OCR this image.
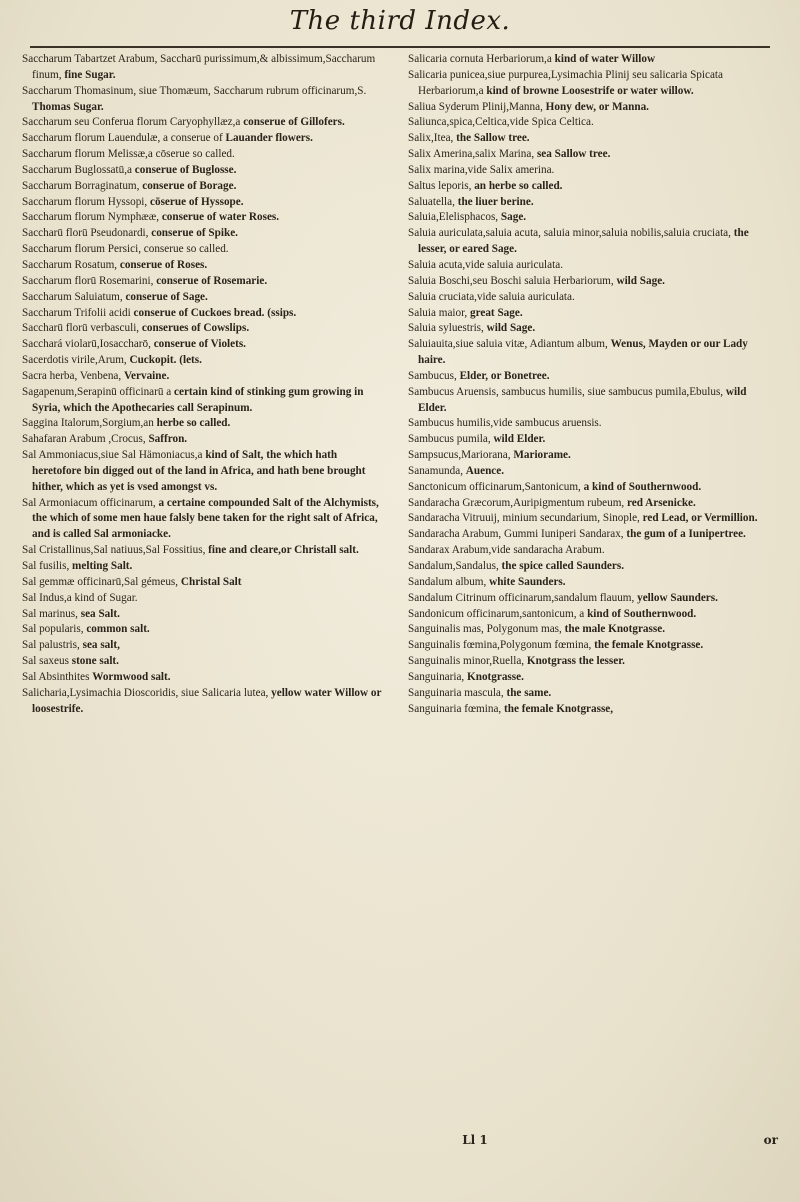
The third Index.

Saccharum Tabartzet Arabum, Saccharū purissimum,& albissimum,Saccharum finum, fine Sugar.

Saccharum Thomasinum, siue Thomæum, Saccharum rubrum officinarum,S. Thomas Sugar.

Saccharum seu Conferua florum Caryophyllæz,a conserue of Gillofers.

Saccharum florum Lauendulæ, a conserue of Lauander flowers.

Saccharum florum Melissæ,a cōserue so called.

Saccharum Buglossatū,a conserue of Buglosse.

Saccharum Borraginatum, conserue of Borage.

Saccharum florum Hyssopi, cōserue of Hyssope.

Saccharum florum Nymphææ, conserue of water Roses.

Saccharū florū Pseudonardi, conserue of Spike.

Saccharum florum Persici, conserue so called.

Saccharum Rosatum, conserue of Roses.

Saccharum florū Rosemarini, conserue of Rosemarie.

Saccharum Saluiatum, conserue of Sage.

Saccharum Trifolii acidi conserue of Cuckoes bread. (ssips.

Saccharū florū verbasculi, conserues of Cowslips.

Sacchará violarū,Iosaccharō, conserue of Violets.

Sacerdotis virile,Arum, Cuckopit. (lets.

Sacra herba, Venbena, Vervaine.

Sagapenum,Serapinū officinarū a certain kind of stinking gum growing in Syria, which the Apothecaries call Serapinum.

Saggina Italorum,Sorgium,an herbe so called.

Sahafaran Arabum ,Crocus, Saffron.

Sal Ammoniacus,siue Sal Hämoniacus,a kind of Salt, the which hath heretofore bin digged out of the land in Africa, and hath bene brought hither, which as yet is vsed amongst vs.

Sal Armoniacum officinarum, a certaine compounded Salt of the Alchymists, the which of some men haue falsly bene taken for the right salt of Africa, and is called Sal armoniacke.

Sal Cristallinus,Sal natiuus,Sal Fossitius, fine and cleare,or Christall salt.

Sal fusilis, melting Salt.

Sal gemmæ officinarū,Sal gémeus, Christal Salt

Sal Indus,a kind of Sugar.

Sal marinus, sea Salt.

Sal popularis, common salt.

Sal palustris, sea salt,

Sal saxeus stone salt.

Sal Absinthites Wormwood salt.

Salicharia,Lysimachia Dioscoridis, siue Salicaria lutea, yellow water Willow or loosestrife.

Salicaria cornuta Herbariorum,a kind of water Willow

Salicaria punicea,siue purpurea,Lysimachia Plinij seu salicaria Spicata Herbariorum,a kind of browne Loosestrife or water willow.

Saliua Syderum Plinij,Manna, Hony dew, or Manna.

Saliunca,spica,Celtica,vide Spica Celtica.

Salix,Itea, the Sallow tree.

Salix Amerina,salix Marina, sea Sallow tree.

Salix marina,vide Salix amerina.

Saltus leporis, an herbe so called.

Saluatella, the liuer berine.

Saluia,Elelisphacos, Sage.

Saluia auriculata,saluia acuta, saluia minor,saluia nobilis,saluia cruciata, the lesser, or eared Sage.

Saluia acuta,vide saluia auriculata.

Saluia Boschi,seu Boschi saluia Herbariorum, wild Sage.

Saluia cruciata,vide saluia auriculata.

Saluia maior, great Sage.

Saluia syluestris, wild Sage.

Saluiauita,siue saluia vitæ, Adiantum album, Wenus, Mayden or our Lady haire.

Sambucus, Elder, or Bonetree.

Sambucus Aruensis, sambucus humilis, siue sambucus pumila,Ebulus, wild Elder.

Sambucus humilis,vide sambucus aruensis.

Sambucus pumila, wild Elder.

Sampsucus,Mariorana, Mariorame.

Sanamunda, Auence.

Sanctonicum officinarum,Santonicum, a kind of Southernwood.

Sandaracha Græcorum,Auripigmentum rubeum, red Arsenicke.

Sandaracha Vitruuij, minium secundarium, Sinople, red Lead, or Vermillion.

Sandaracha Arabum, Gummi Iuniperi Sandarax, the gum of a Iunipertree.

Sandarax Arabum,vide sandaracha Arabum.

Sandalum,Sandalus, the spice called Saunders.

Sandalum album, white Saunders.

Sandalum Citrinum officinarum,sandalum flauum, yellow Saunders.

Sandonicum officinarum,santonicum, a kind of Southernwood.

Sanguinalis mas, Polygonum mas, the male Knotgrasse.

Sanguinalis fœmina,Polygonum fœmina, the female Knotgrasse.

Sanguinalis minor,Ruella, Knotgrass the lesser.

Sanguinaria, Knotgrasse.

Sanguinaria mascula, the same.

Sanguinaria fœmina, the female Knotgrasse,

Ll 1	or
